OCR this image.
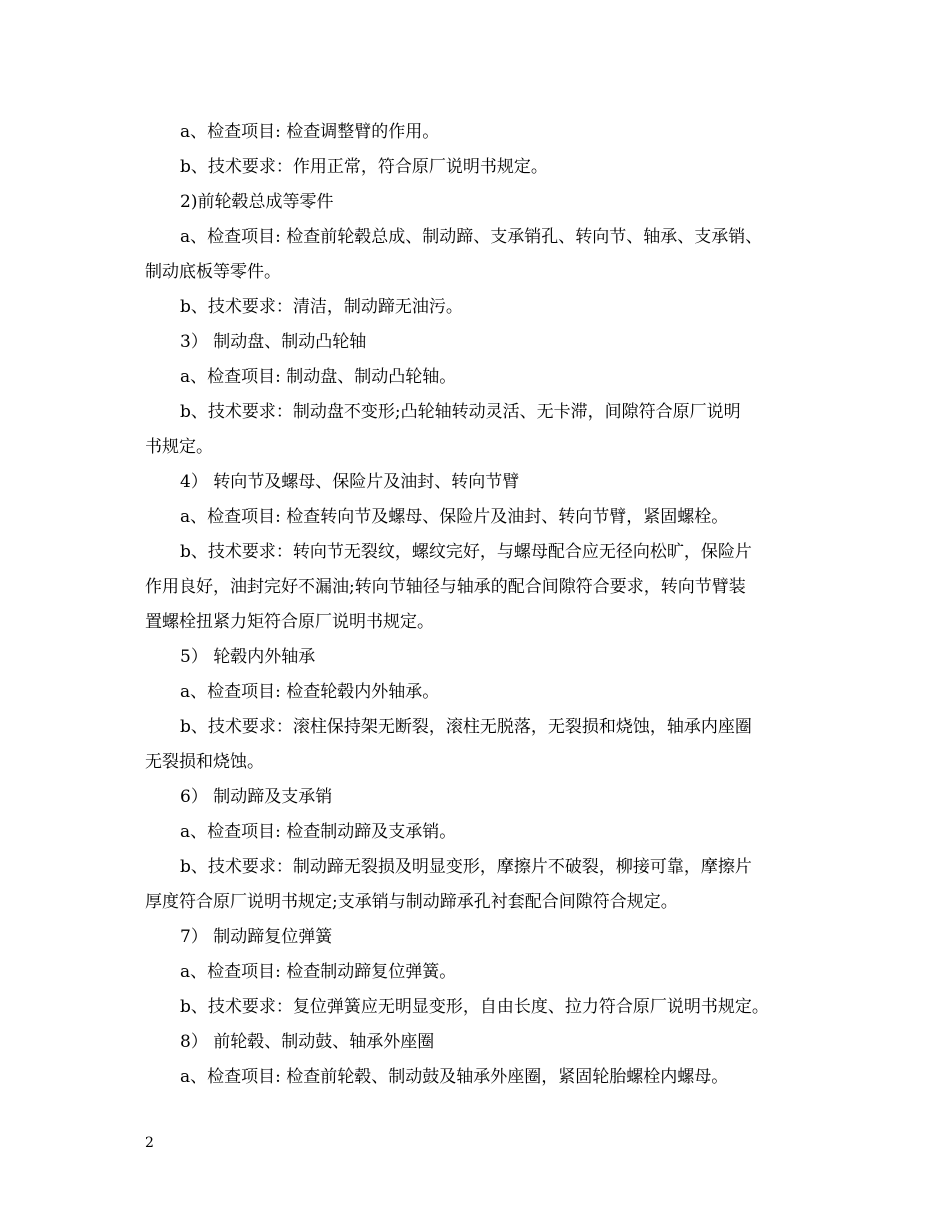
a、检查项目: 检查调整臂的作用。
b、技术要求：作用正常，符合原厂说明书规定。
2)前轮毂总成等零件
a、检查项目: 检查前轮毂总成、制动蹄、支承销孔、转向节、轴承、支承销、
制动底板等零件。
b、技术要求：清洁，制动蹄无油污。
3） 制动盘、制动凸轮轴
a、检查项目: 制动盘、制动凸轮轴。
b、技术要求：制动盘不变形;凸轮轴转动灵活、无卡滞，间隙符合原厂说明
书规定。
4） 转向节及螺母、保险片及油封、转向节臂
a、检查项目: 检查转向节及螺母、保险片及油封、转向节臂，紧固螺栓。
b、技术要求：转向节无裂纹，螺纹完好，与螺母配合应无径向松旷，保险片
作用良好，油封完好不漏油;转向节轴径与轴承的配合间隙符合要求，转向节臂装
置螺栓扭紧力矩符合原厂说明书规定。
5） 轮毂内外轴承
a、检查项目: 检查轮毂内外轴承。
b、技术要求：滚柱保持架无断裂，滚柱无脱落，无裂损和烧蚀，轴承内座圈
无裂损和烧蚀。
6） 制动蹄及支承销
a、检查项目: 检查制动蹄及支承销。
b、技术要求：制动蹄无裂损及明显变形，摩擦片不破裂，柳接可靠，摩擦片
厚度符合原厂说明书规定;支承销与制动蹄承孔衬套配合间隙符合规定。
7） 制动蹄复位弹簧
a、检查项目: 检查制动蹄复位弹簧。
b、技术要求：复位弹簧应无明显变形，自由长度、拉力符合原厂说明书规定。
8） 前轮毂、制动鼓、轴承外座圈
a、检查项目: 检查前轮毂、制动鼓及轴承外座圈，紧固轮胎螺栓内螺母。
2
